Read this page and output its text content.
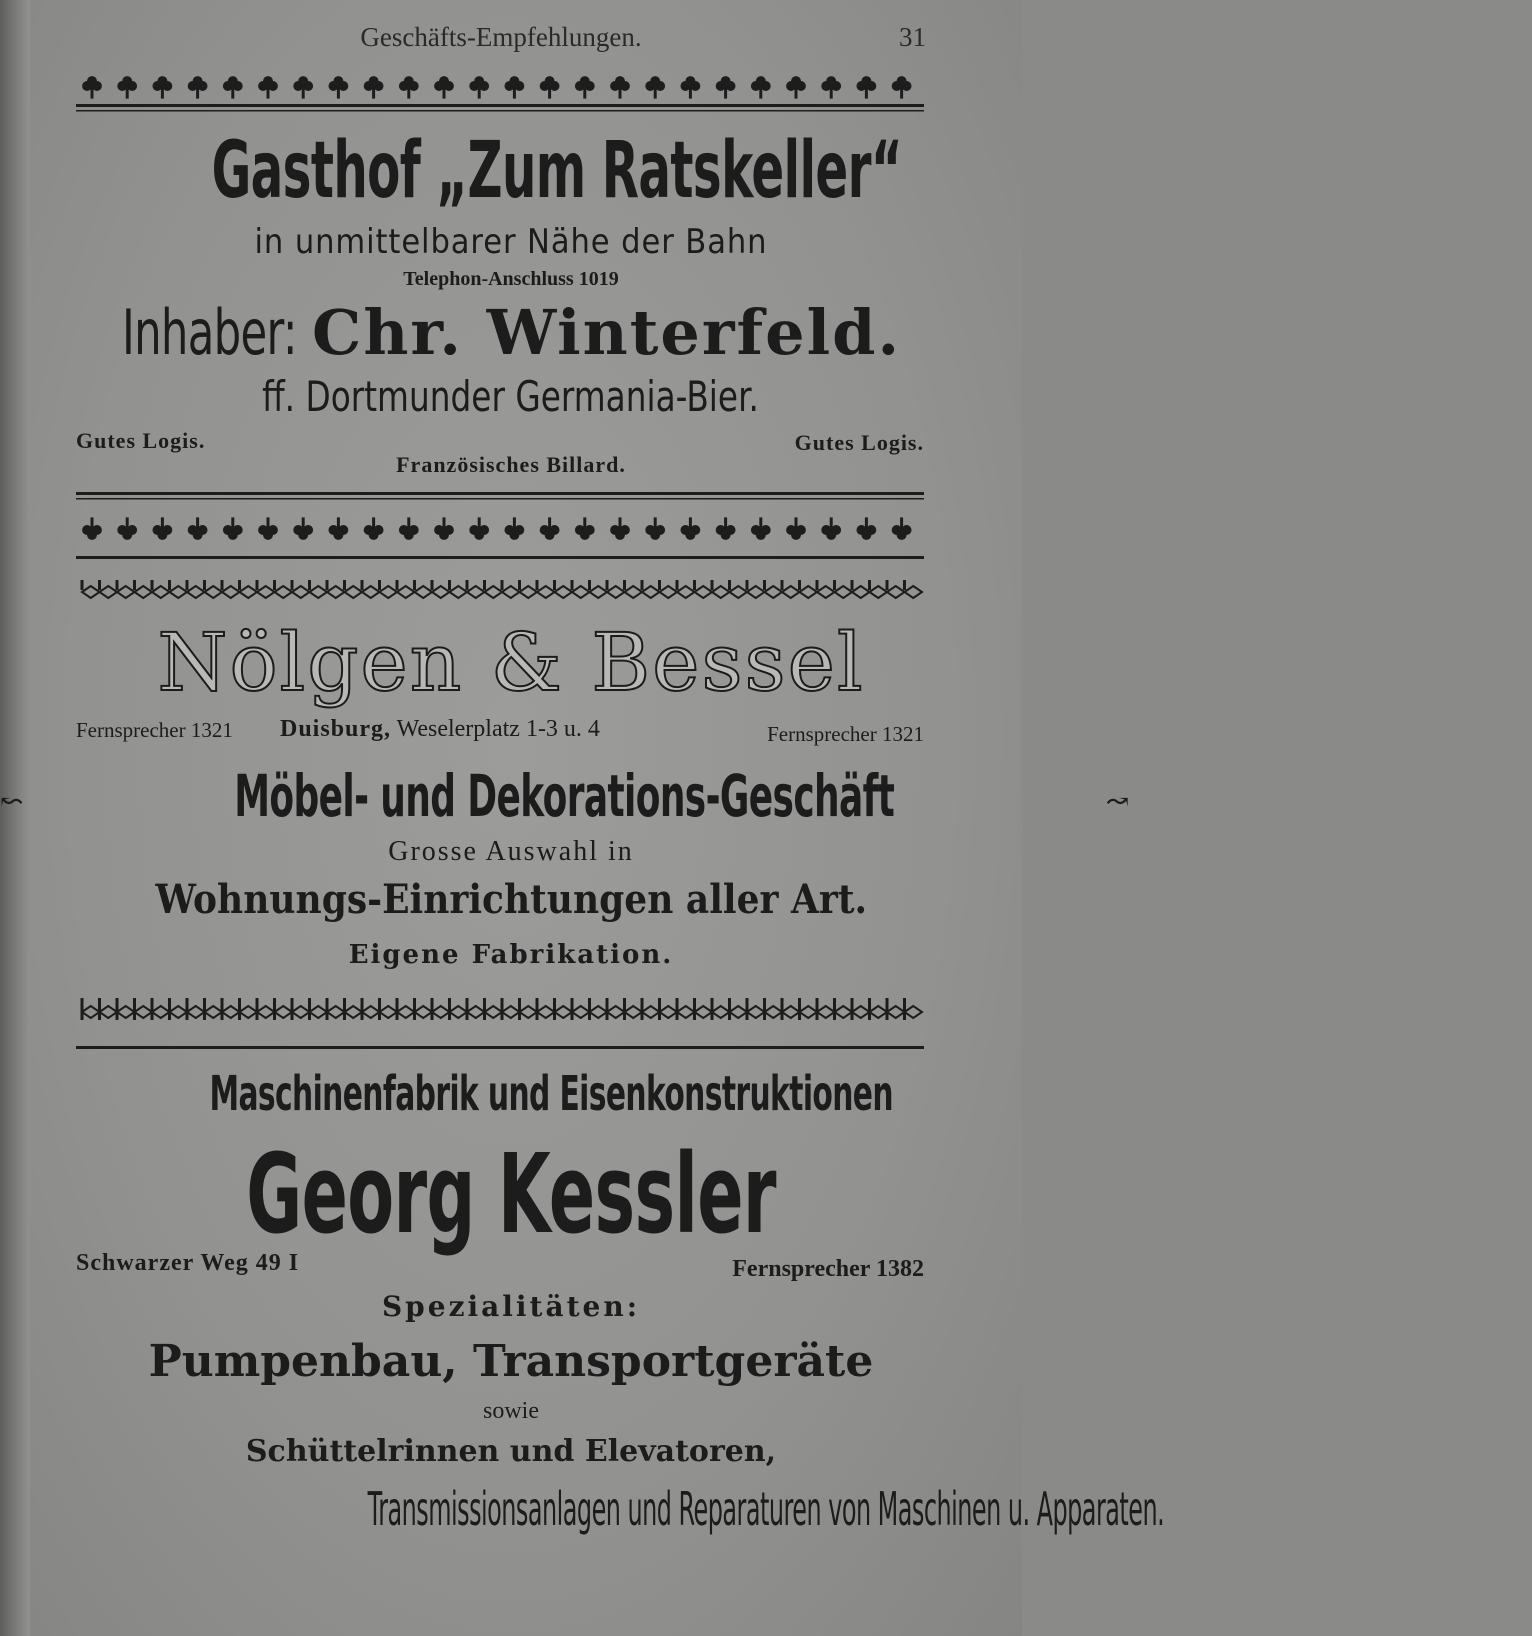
Geschäfts-Empfehlungen.	31
Gasthof „Zum Ratskeller“
in unmittelbarer Nähe der Bahn
Telephon-Anschluss 1019
Inhaber: Chr. Winterfeld.
ff. Dortmunder Germania-Bier.
Gutes Logis.	Gutes Logis.
Französisches Billard.
Nölgen & Bessel
Fernsprecher 1321 Duisburg, Weselerplatz 1-3 u. 4	Fernsprecher 1321
↜	Möbel- und Dekorations-Geschäft	↝
Grosse Auswahl in
Wohnungs-Einrichtungen aller Art.
Eigene Fabrikation.
Maschinenfabrik und Eisenkonstruktionen
Georg Kessler
Schwarzer Weg 49 I	Fernsprecher 1382
Spezialitäten:
Pumpenbau, Transportgeräte
sowie
Schüttelrinnen und Elevatoren,
Transmissionsanlagen und Reparaturen von Maschinen u. Apparaten.
